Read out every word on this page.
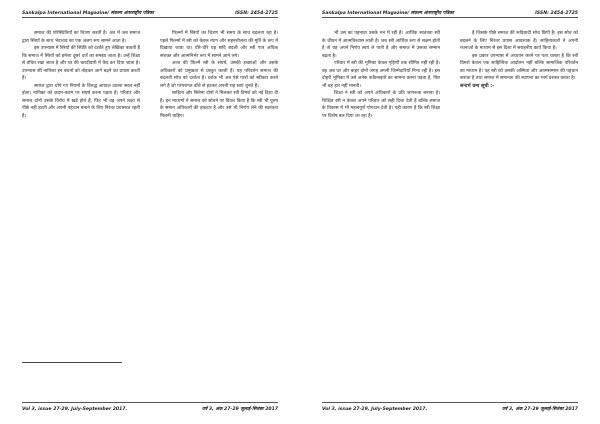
Sankalpa International Magazine/ संकल्प अंतरराष्ट्रीय पत्रिका	ISSN: 2454-2725

समाज की परिस्थितियों का चित्रण करती है। अंत में जब समाज द्वारा स्त्रियों के साथ भेदभाव का एक अलग रूप सामने आता है।

इस उपन्यास में स्त्रियों की स्थिति को दर्शाते हुए लेखिका बताती हैं कि समाज में स्त्रियों को हमेशा दूसरे दर्जे का समझा जाता है। उन्हें शिक्षा से वंचित रखा जाता है और घर की चारदीवारी में कैद कर दिया जाता है। उपन्यास की नायिका इन बंधनों को तोड़कर आगे बढ़ने का प्रयास करती है।

समाज द्वारा थोपे गए नियमों के विरुद्ध आवाज़ उठाना सरल नहीं होता। नायिका को कदम-कदम पर संघर्ष करना पड़ता है। परिवार और समाज दोनों उसके विरोध में खड़े होते हैं, फिर भी वह अपने लक्ष्य से पीछे नहीं हटती और अपनी पहचान बनाने के लिए निरंतर प्रयासरत रहती है।

फिल्मों में स्त्रियों का चित्रण भी समय के साथ बदलता रहा है। पहले फिल्मों में स्त्री को केवल त्याग और सहनशीलता की मूर्ति के रूप में दिखाया जाता था। धीरे-धीरे यह छवि बदली और स्त्री पात्र अधिक सशक्त और आत्मनिर्भर रूप में सामने आने लगे।

आज की फिल्में स्त्री के संघर्ष, उसकी इच्छाओं और उसके अधिकारों को प्रमुखता से प्रस्तुत करती हैं। यह परिवर्तन समाज की बदलती सोच को दर्शाता है। दर्शक भी अब ऐसे पात्रों को स्वीकार करने लगे हैं जो परंपरागत ढाँचे से हटकर अपनी राह स्वयं चुनते हैं।

साहित्य और सिनेमा दोनों ने मिलकर स्त्री विमर्श को नई दिशा दी है। इन माध्यमों ने समाज को सोचने पर विवश किया है कि स्त्री भी पुरुष के समान अधिकारों की हकदार है और उसे भी निर्णय लेने की स्वतंत्रता मिलनी चाहिए।

Vol 3, issue 27-29, July-September 2017.	वर्ष 3, अंक 27-29 जुलाई-सितंबर 2017
Sankalpa International Magazine/ संकल्प अंतरराष्ट्रीय पत्रिका	ISSN: 2454-2725

भी उस का पहनावा उसके मन में रही है। आर्थिक स्वतंत्रता स्त्री के जीवन में आत्मविश्वास लाती है। जब स्त्री आर्थिक रूप से सक्षम होती है तो वह अपने निर्णय स्वयं ले पाती है और समाज में उसका सम्मान बढ़ता है।

परिवार में स्त्री की भूमिका केवल गृहिणी तक सीमित नहीं रही है। वह अब घर और बाहर दोनों जगह अपनी जिम्मेदारियाँ निभा रही है। इस दोहरी भूमिका में उसे अनेक कठिनाइयों का सामना करना पड़ता है, फिर भी वह हार नहीं मानती।

शिक्षा ने स्त्री को अपने अधिकारों के प्रति जागरूक बनाया है। शिक्षित स्त्री न केवल अपने परिवार को सही दिशा देती है बल्कि समाज के विकास में भी महत्वपूर्ण योगदान देती है। यही कारण है कि स्त्री शिक्षा पर विशेष बल दिया जा रहा है।

है जिसके पीछे समाज की रूढ़िवादी सोच छिपी है। इस सोच को बदलने के लिए निरंतर प्रयास आवश्यक हैं। साहित्यकारों ने अपनी रचनाओं के माध्यम से इस दिशा में सराहनीय कार्य किया है।

इस प्रकार उपन्यास में अध्ययन करने पर पता चलता है कि स्त्री विमर्श केवल एक साहित्यिक आंदोलन नहीं बल्कि सामाजिक परिवर्तन का माध्यम है। यह स्त्री को उसकी अस्मिता और आत्मसम्मान की पहचान कराता है तथा समाज में समानता की स्थापना का मार्ग प्रशस्त करता है।

सन्दर्भ ग्रन्थ सूची :-

Vol 3, issue 27-29, July-September 2017.	वर्ष 3, अंक 27-29 जुलाई-सितंबर 2017
